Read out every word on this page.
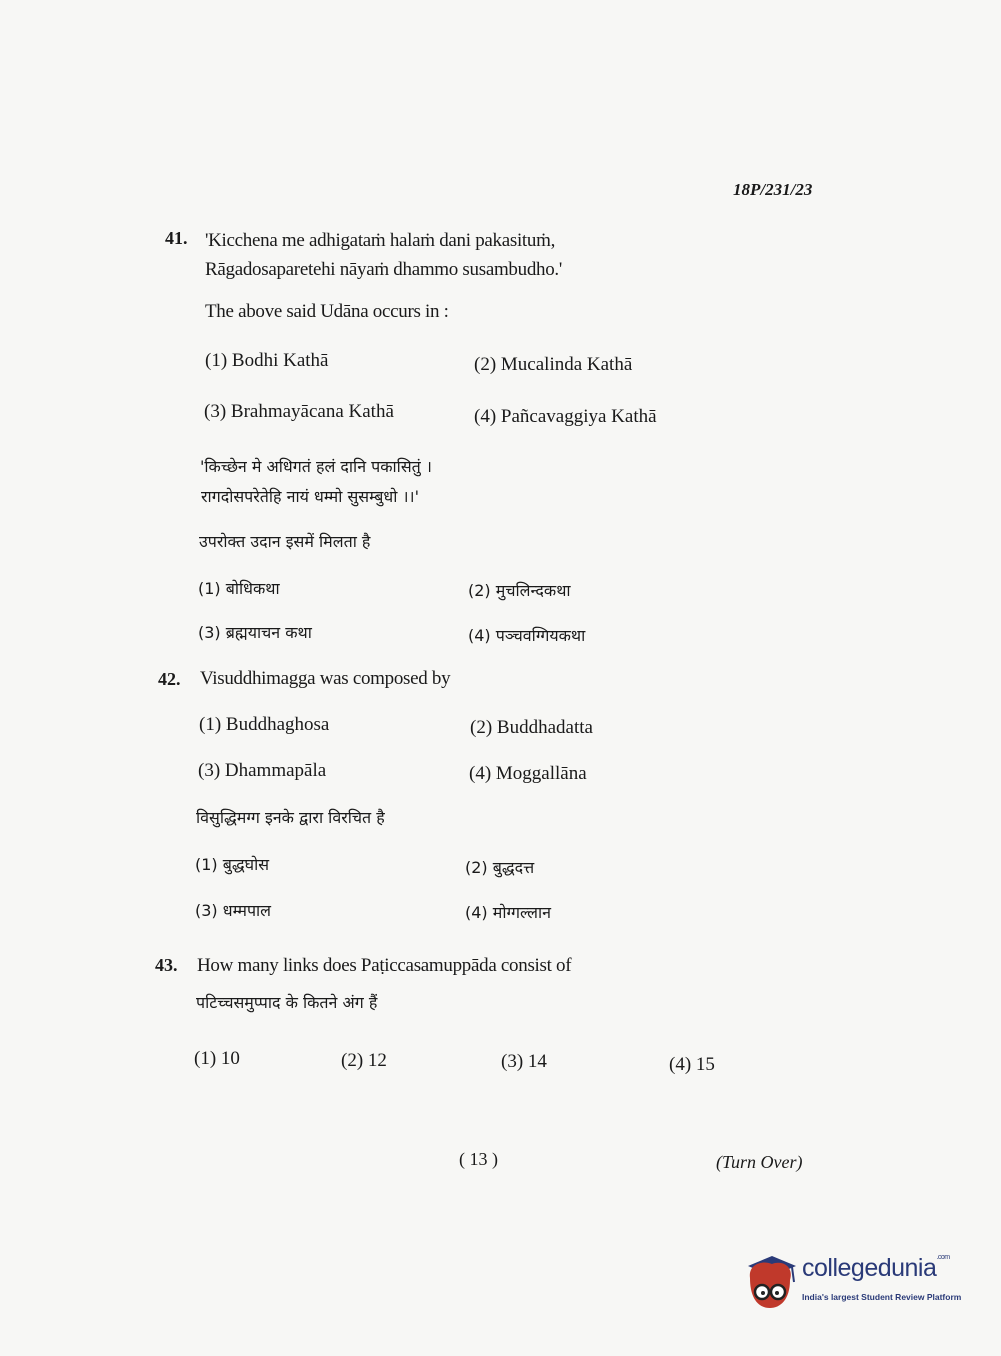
18P/231/23
41. 'Kicchena me adhigataṁ halaṁ dani pakasituṁ,
Rāgadosaparetehi nāyaṁ dhammo susambudho.'
The above said Udāna occurs in :
(1) Bodhi Kathā	(2) Mucalinda Kathā
(3) Brahmayācana Kathā	(4) Pañcavaggiya Kathā
'किच्छेन मे अधिगतं हलं दानि पकासितुं ।
रागदोसपरेतेहि नायं धम्मो सुसम्बुधो ।।'
उपरोक्त उदान इसमें मिलता है
(1) बोधिकथा	(2) मुचलिन्दकथा
(3) ब्रह्मयाचन कथा	(4) पञ्चवग्गियकथा
42. Visuddhimagga was composed by
(1) Buddhaghosa	(2) Buddhadatta
(3) Dhammapāla	(4) Moggallāna
विसुद्धिमग्ग इनके द्वारा विरचित है
(1) बुद्धघोस	(2) बुद्धदत्त
(3) धम्मपाल	(4) मोग्गल्लान
43. How many links does Paṭiccasamuppāda consist of
पटिच्चसमुप्पाद के कितने अंग हैं
(1) 10	(2) 12	(3) 14	(4) 15
( 13 )	(Turn Over)
collegedunia$^{.com}$
India's largest Student Review Platform
